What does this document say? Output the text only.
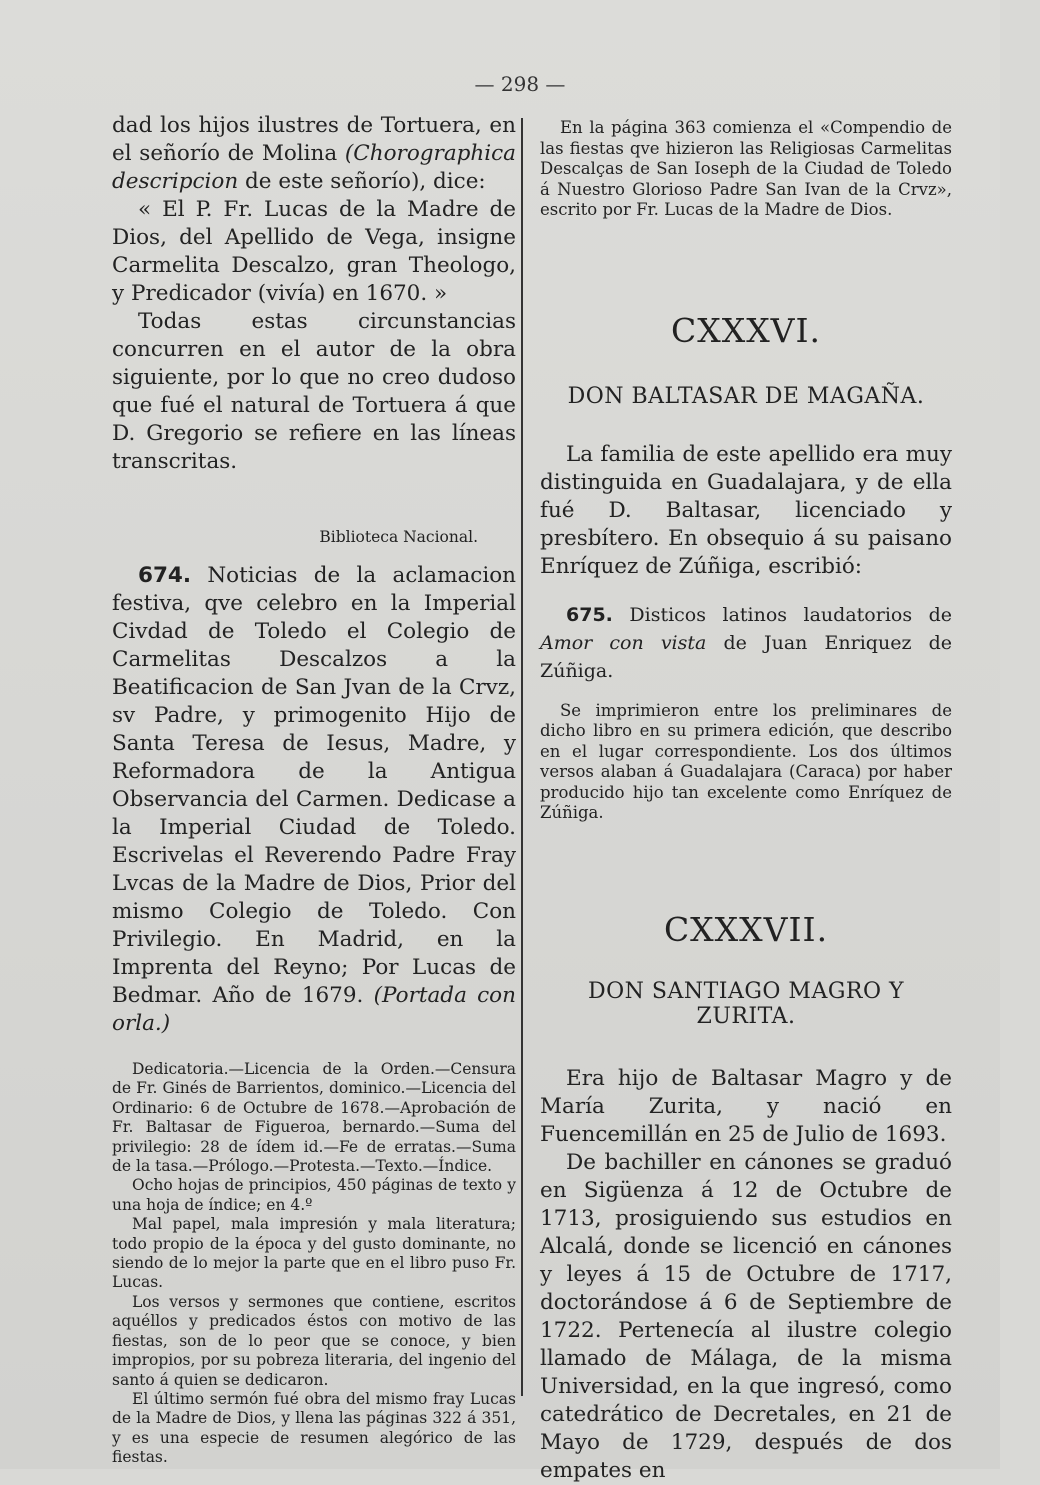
— 298 —

dad los hijos ilustres de Tortuera, en el señorío de Molina (Chorographica descripcion de este señorío), dice:

« El P. Fr. Lucas de la Madre de Dios, del Apellido de Vega, insigne Carmelita Descalzo, gran Theologo, y Predicador (vivía) en 1670. »

Todas estas circunstancias concurren en el autor de la obra siguiente, por lo que no creo dudoso que fué el natural de Tortuera á que D. Gregorio se refiere en las líneas transcritas.

Biblioteca Nacional.

674. Noticias de la aclamacion festiva, qve celebro en la Imperial Civdad de Toledo el Colegio de Carmelitas Descalzos a la Beatificacion de San Jvan de la Crvz, sv Padre, y primogenito Hijo de Santa Teresa de Iesus, Madre, y Reformadora de la Antigua Observancia del Carmen. Dedicase a la Imperial Ciudad de Toledo. Escrivelas el Reverendo Padre Fray Lvcas de la Madre de Dios, Prior del mismo Colegio de Toledo. Con Privilegio. En Madrid, en la Imprenta del Reyno; Por Lucas de Bedmar. Año de 1679. (Portada con orla.)

Dedicatoria.—Licencia de la Orden.—Censura de Fr. Ginés de Barrientos, dominico.—Licencia del Ordinario: 6 de Octubre de 1678.—Aprobación de Fr. Baltasar de Figueroa, bernardo.—Suma del privilegio: 28 de ídem id.—Fe de erratas.—Suma de la tasa.—Prólogo.—Protesta.—Texto.—Índice.

Ocho hojas de principios, 450 páginas de texto y una hoja de índice; en 4.º

Mal papel, mala impresión y mala literatura; todo propio de la época y del gusto dominante, no siendo de lo mejor la parte que en el libro puso Fr. Lucas.

Los versos y sermones que contiene, escritos aquéllos y predicados éstos con motivo de las fiestas, son de lo peor que se conoce, y bien impropios, por su pobreza literaria, del ingenio del santo á quien se dedicaron.

El último sermón fué obra del mismo fray Lucas de la Madre de Dios, y llena las páginas 322 á 351, y es una especie de resumen alegórico de las fiestas.

En la página 363 comienza el «Compendio de las fiestas qve hizieron las Religiosas Carmelitas Descalças de San Ioseph de la Ciudad de Toledo á Nuestro Glorioso Padre San Ivan de la Crvz», escrito por Fr. Lucas de la Madre de Dios.

CXXXVI.

DON BALTASAR DE MAGAÑA.

La familia de este apellido era muy distinguida en Guadalajara, y de ella fué D. Baltasar, licenciado y presbítero. En obsequio á su paisano Enríquez de Zúñiga, escribió:

675. Disticos latinos laudatorios de Amor con vista de Juan Enriquez de Zúñiga.

Se imprimieron entre los preliminares de dicho libro en su primera edición, que describo en el lugar correspondiente. Los dos últimos versos alaban á Guadalajara (Caraca) por haber producido hijo tan excelente como Enríquez de Zúñiga.

CXXXVII.

DON SANTIAGO MAGRO Y ZURITA.

Era hijo de Baltasar Magro y de María Zurita, y nació en Fuencemillán en 25 de Julio de 1693.

De bachiller en cánones se graduó en Sigüenza á 12 de Octubre de 1713, prosiguiendo sus estudios en Alcalá, donde se licenció en cánones y leyes á 15 de Octubre de 1717, doctorándose á 6 de Septiembre de 1722. Pertenecía al ilustre colegio llamado de Málaga, de la misma Universidad, en la que ingresó, como catedrático de Decretales, en 21 de Mayo de 1729, después de dos empates en
